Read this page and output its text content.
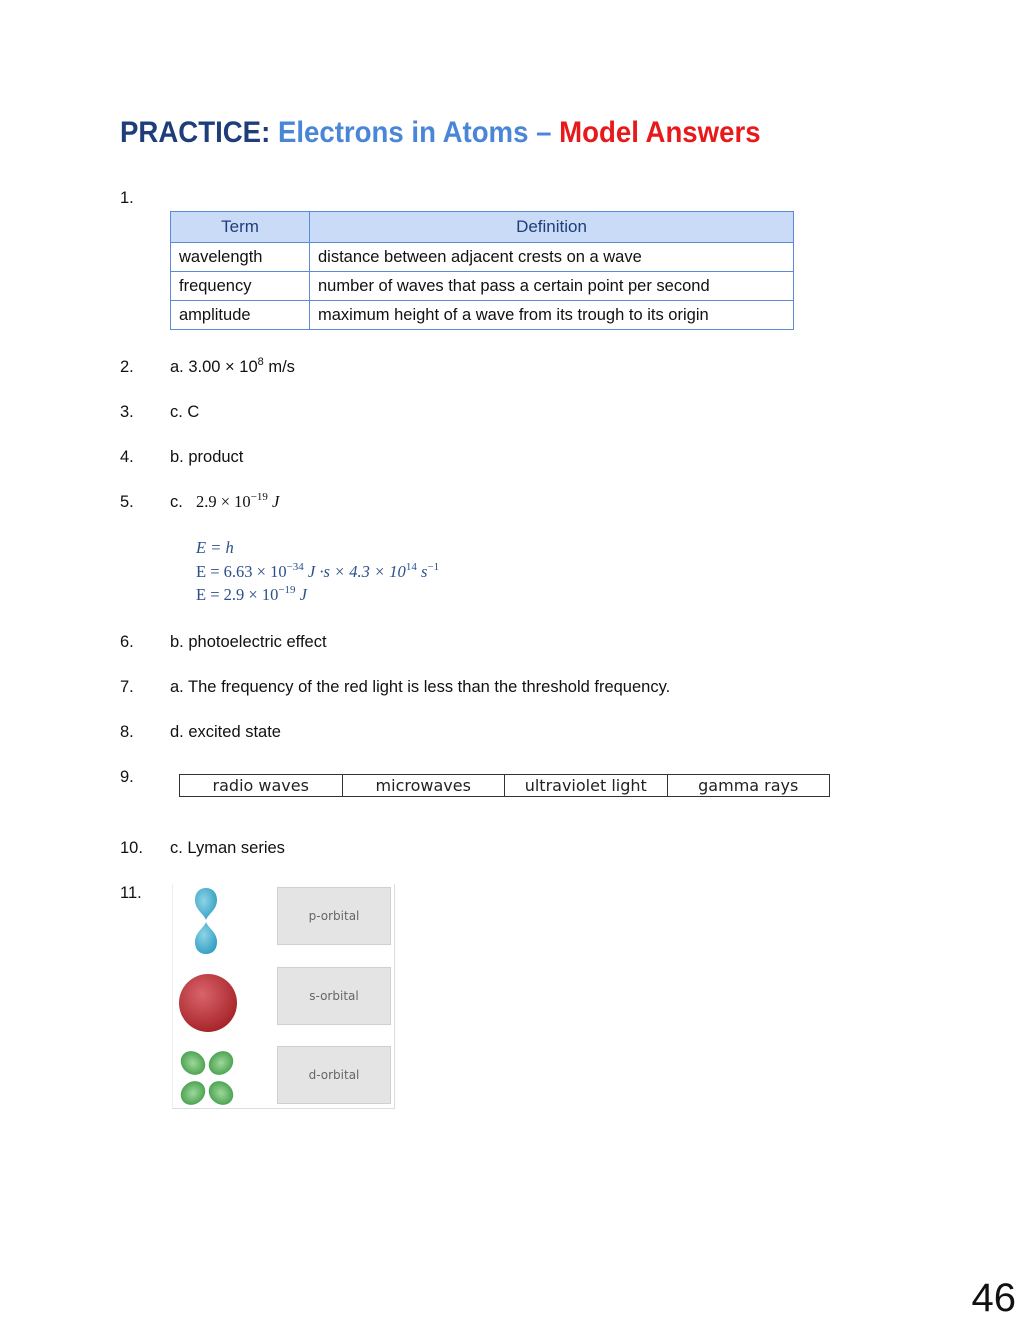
PRACTICE: Electrons in Atoms – Model Answers
1.
Term	Definition
wavelength	distance between adjacent crests on a wave
frequency	number of waves that pass a certain point per second
amplitude	maximum height of a wave from its trough to its origin
2. a. $3.00 \times 10^8$ m/s
3. c. C
4. b. product
5. c. $2.9 \times 10^{-19}$ J
E = h
$E = 6.63 \times 10^{-34}$ $J \cdot s \times 4.3 \times 10^{14}$ $s^{-1}$
$E = 2.9 \times 10^{-19}$ J
6. b. photoelectric effect
7. a. The frequency of the red light is less than the threshold frequency.
8. d. excited state
9.	radio waves	microwaves	ultraviolet light	gamma rays
10. c. Lyman series
11.
p-orbital
s-orbital
d-orbital
46
